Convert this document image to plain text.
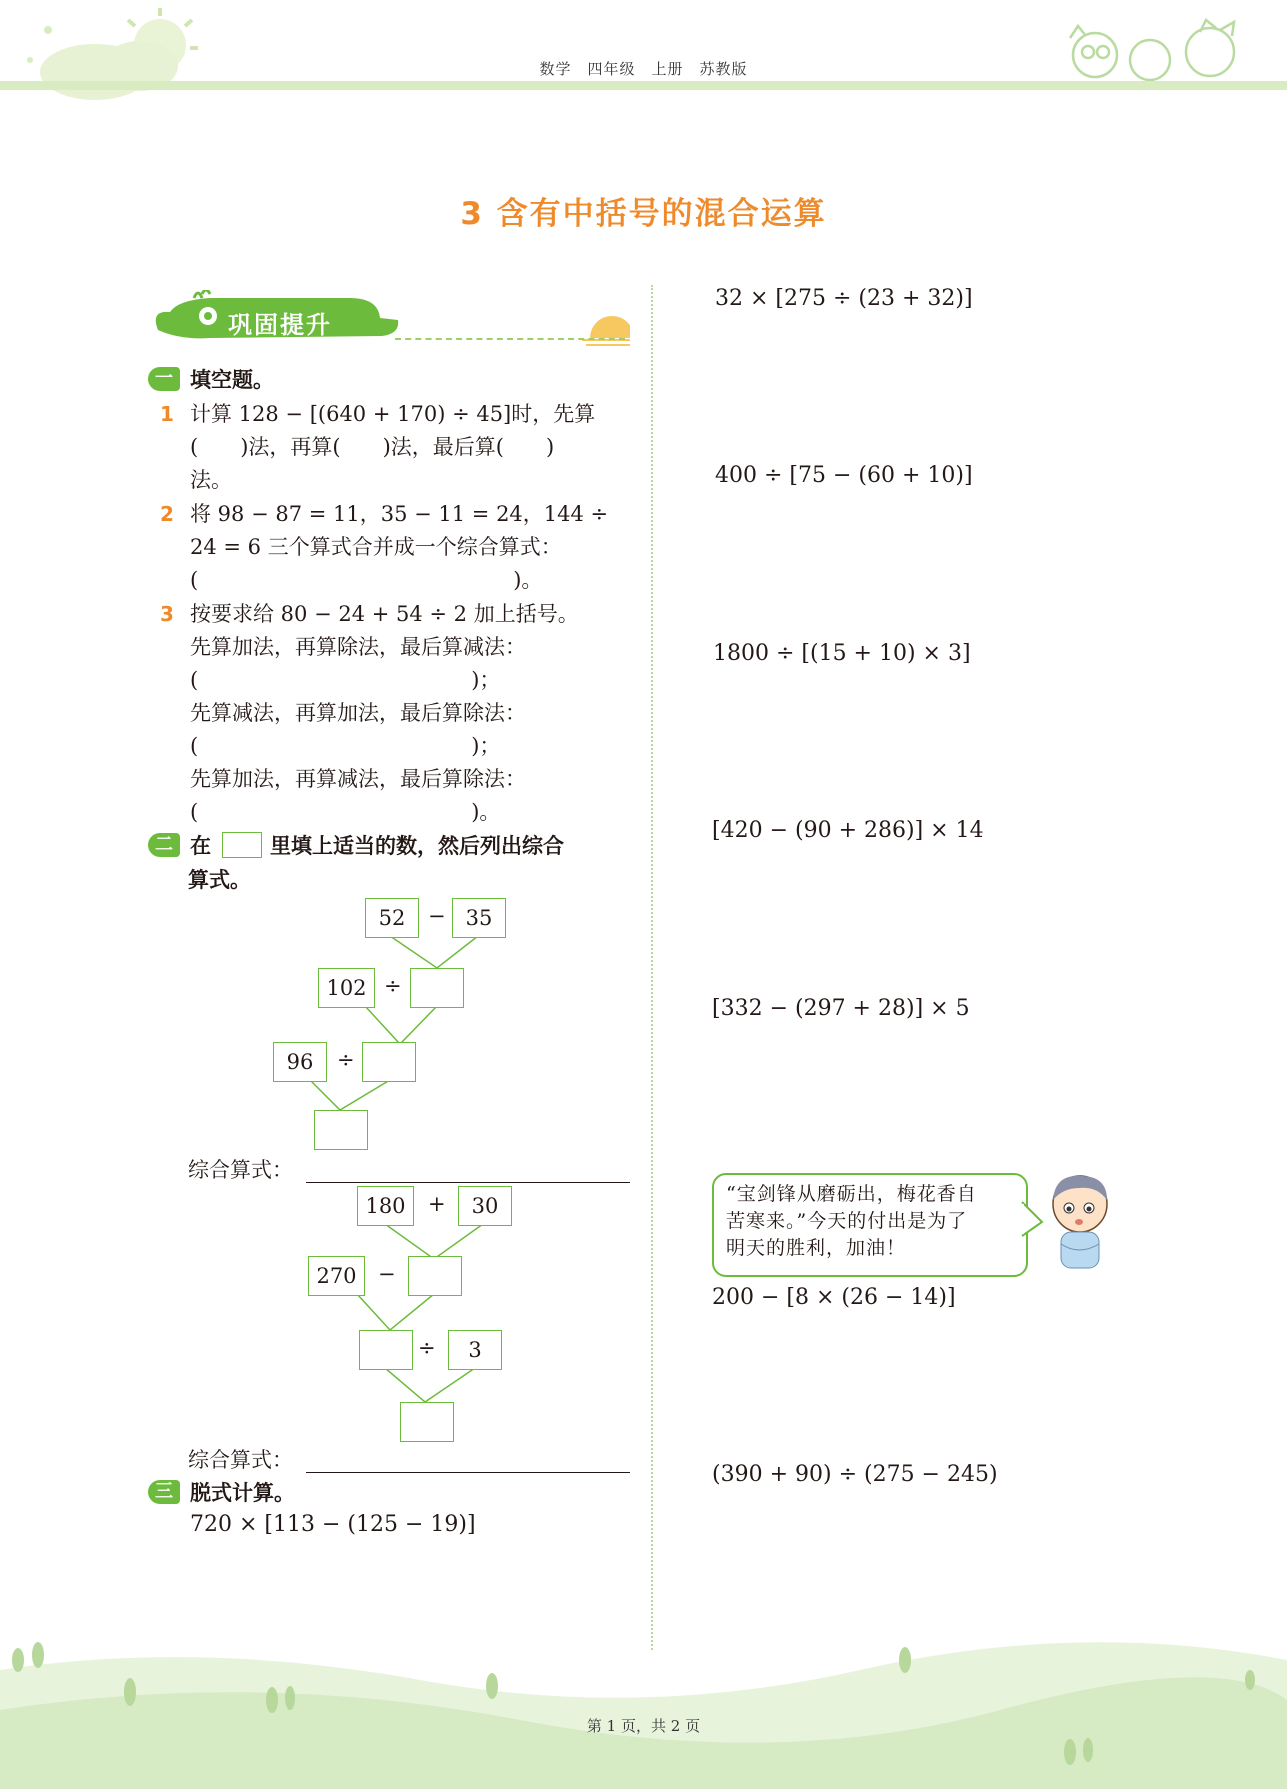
数学 四年级 上册 苏教版
3 含有中括号的混合运算
巩固提升
一 填空题。
1 计算 128 − [(640 + 170) ÷ 45]时，先算
(　　)法，再算(　　)法，最后算(　　)
法。
2 将 98 − 87 = 11，35 − 11 = 24，144 ÷
24 = 6 三个算式合并成一个综合算式：
(　　　　　　　　　　　　　　　)。
3 按要求给 80 − 24 + 54 ÷ 2 加上括号。
先算加法，再算除法，最后算减法：
(　　　　　　　　　　　　　)；
先算减法，再算加法，最后算除法：
(　　　　　　　　　　　　　)；
先算加法，再算减法，最后算除法：
(　　　　　　　　　　　　　)。
二 在	里填上适当的数，然后列出综合
算式。
52	− 35
102 ÷
96	÷
综合算式：
180	+	30
270	−
÷	3
综合算式：
三 脱式计算。
720 × [113 − (125 − 19)]
32 × [275 ÷ (23 + 32)]
400 ÷ [75 − (60 + 10)]
1800 ÷ [(15 + 10) × 3]
[420 − (90 + 286)] × 14
[332 − (297 + 28)] × 5
200 − [8 × (26 − 14)]
(390 + 90) ÷ (275 − 245)
“宝剑锋从磨砺出，梅花香自
苦寒来。”今天的付出是为了
明天的胜利，加油！
第 1 页，共 2 页
